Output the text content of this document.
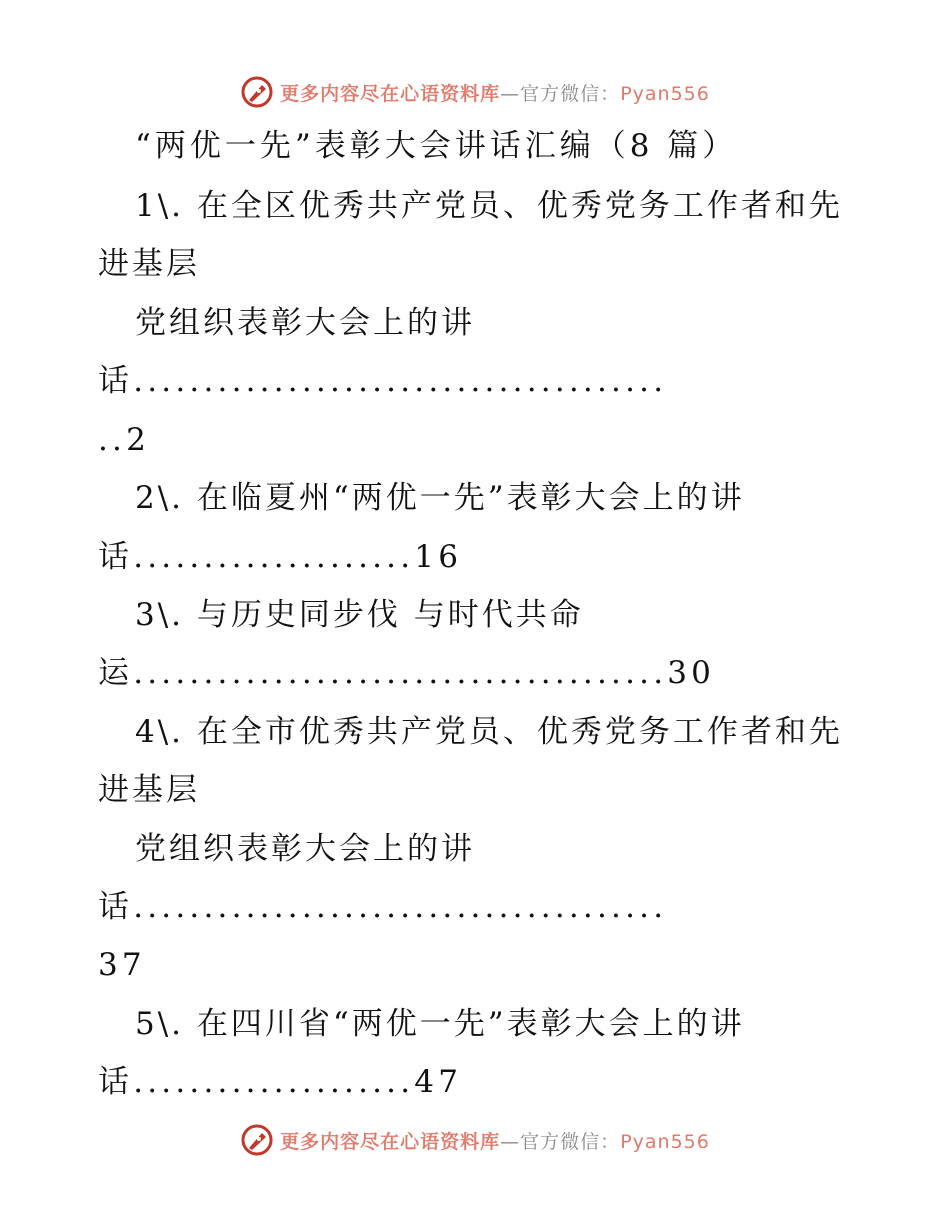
更多内容尽在心语资料库—官方微信：Pyan556
“两优一先”表彰大会讲话汇编（8 篇）
1\. 在全区优秀共产党员、优秀党务工作者和先
进基层
党组织表彰大会上的讲
话......................................
..2
2\. 在临夏州“两优一先”表彰大会上的讲
话....................16
3\. 与历史同步伐 与时代共命
运......................................30
4\. 在全市优秀共产党员、优秀党务工作者和先
进基层
党组织表彰大会上的讲
话......................................
37
5\. 在四川省“两优一先”表彰大会上的讲
话....................47
更多内容尽在心语资料库—官方微信：Pyan556
